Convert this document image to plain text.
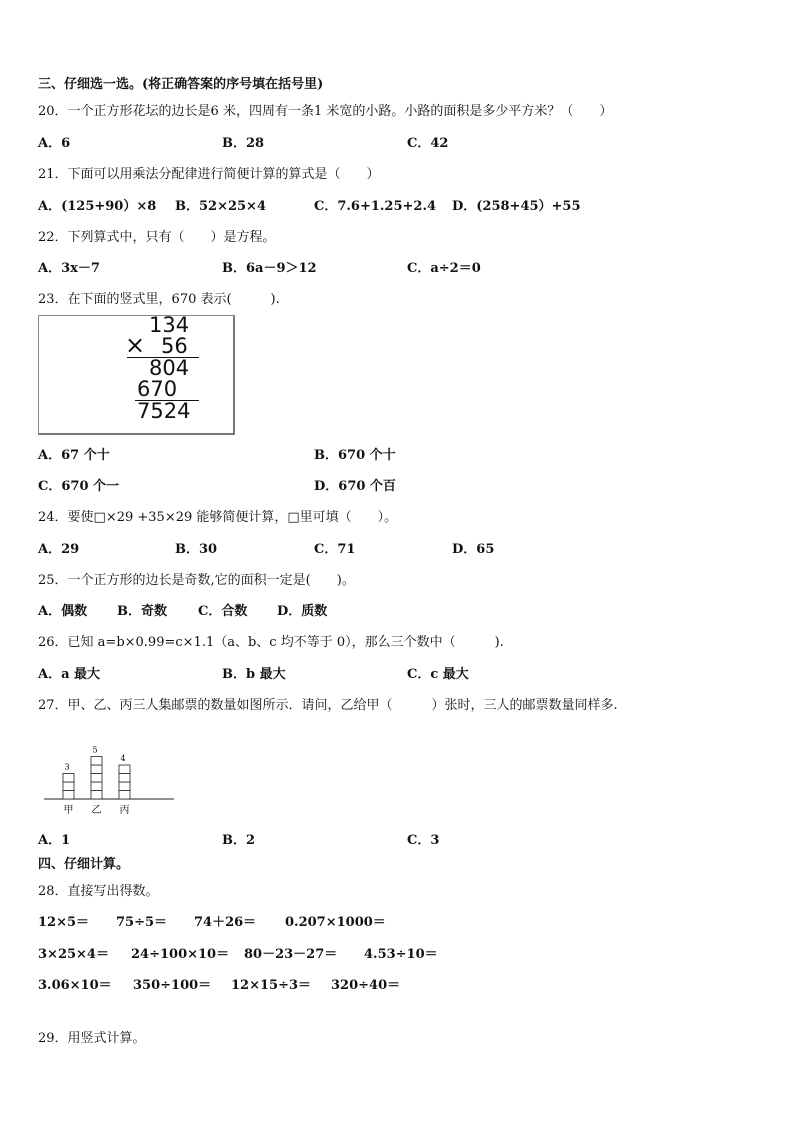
三、仔细选一选。(将正确答案的序号填在括号里)
20．一个正方形花坛的边长是6 米，四周有一条1 米宽的小路。小路的面积是多少平方米？（　　）
A．6	B．28	C．42
21．下面可以用乘法分配律进行简便计算的算式是（　　）
A．(125+90）×8 B．52×25×4	C．7.6+1.25+2.4 D．(258+45）+55
22．下列算式中，只有（　　）是方程。
A．3x－7	B．6a－9＞12	C．a÷2＝0
23．在下面的竖式里，670 表示(　　　).
134
× 56
804
670
7524
A．67 个十	B．670 个十
C．670 个一	D．670 个百
24．要使□×29 +35×29 能够简便计算，□里可填（　　）。
A．29	B．30	C．71	D．65
25．一个正方形的边长是奇数,它的面积一定是(　　)。
A．偶数 B．奇数 C．合数 D．质数
26．已知 a=b×0.99=c×1.1（a、b、c 均不等于 0），那么三个数中（　　　).
A．a 最大	B．b 最大	C．c 最大
27．甲、乙、丙三人集邮票的数量如图所示．请问，乙给甲（　　　）张时，三人的邮票数量同样多.
3
甲
5
乙
4
丙
A．1	B．2	C．3
四、仔细计算。
28．直接写出得数。
12×5＝ 75÷5＝ 74＋26＝ 0.207×1000＝
3×25×4＝ 24÷100×10＝ 80－23－27＝ 4.53÷10＝
3.06×10＝ 350÷100＝ 12×15÷3＝ 320÷40＝
29．用竖式计算。
